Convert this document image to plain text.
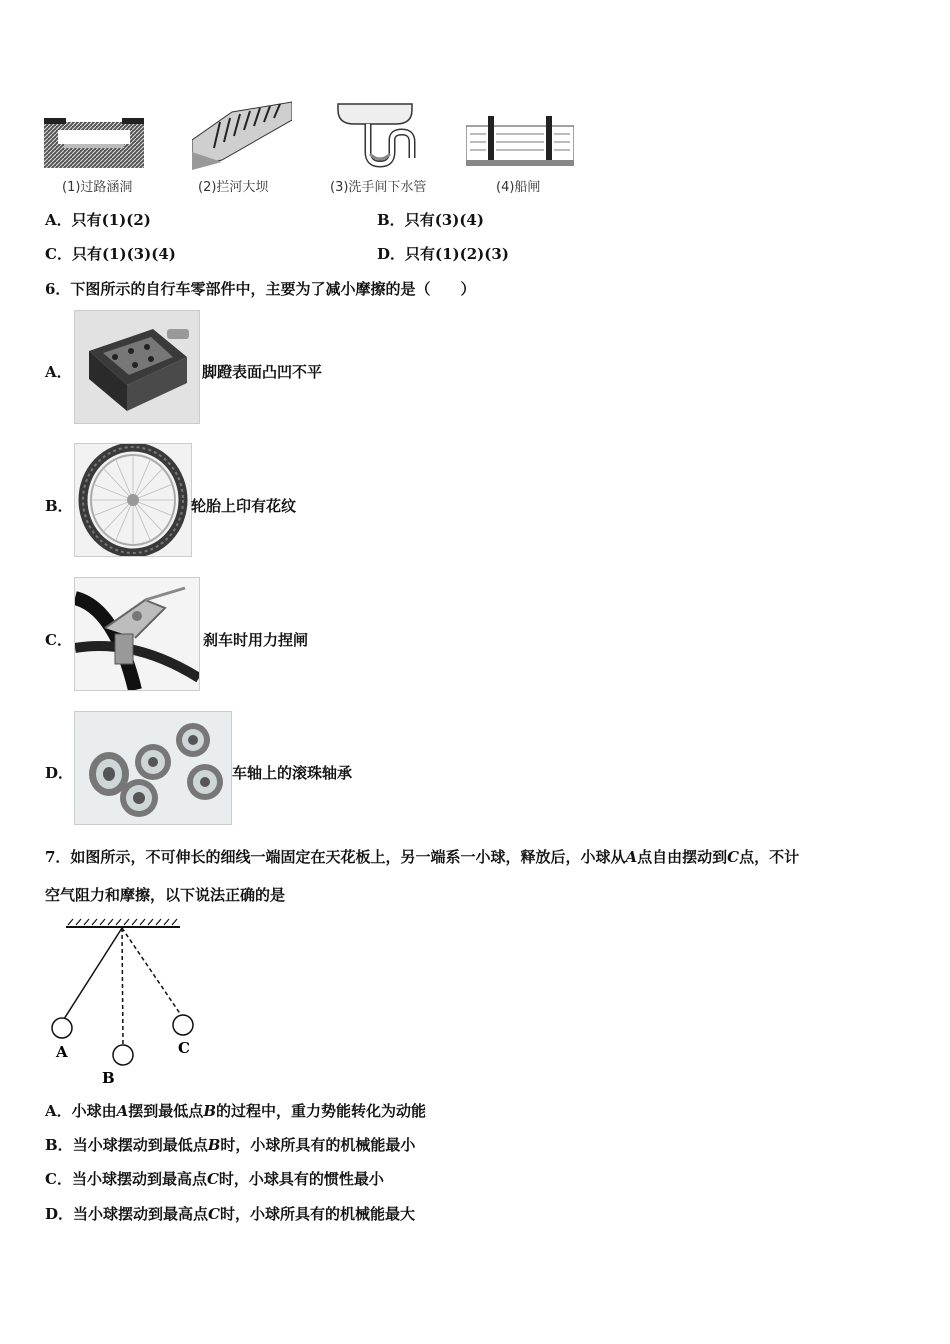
(1)过路涵洞	(2)拦河大坝	(3)洗手间下水管	(4)船闸
A．只有(1)(2)	B．只有(3)(4)
C．只有(1)(3)(4)	D．只有(1)(2)(3)
6．下图所示的自行车零部件中，主要为了减小摩擦的是（　　）
A．	脚蹬表面凸凹不平
B．	轮胎上印有花纹
C．	刹车时用力捏闸
D．	车轴上的滚珠轴承
7．如图所示，不可伸长的细线一端固定在天花板上，另一端系一小球，释放后，小球从A点自由摆动到C点，不计
空气阻力和摩擦，以下说法正确的是
A
B
C
A．小球由A摆到最低点B的过程中，重力势能转化为动能
B．当小球摆动到最低点B时，小球所具有的机械能最小
C．当小球摆动到最高点C时，小球具有的惯性最小
D．当小球摆动到最高点C时，小球所具有的机械能最大
